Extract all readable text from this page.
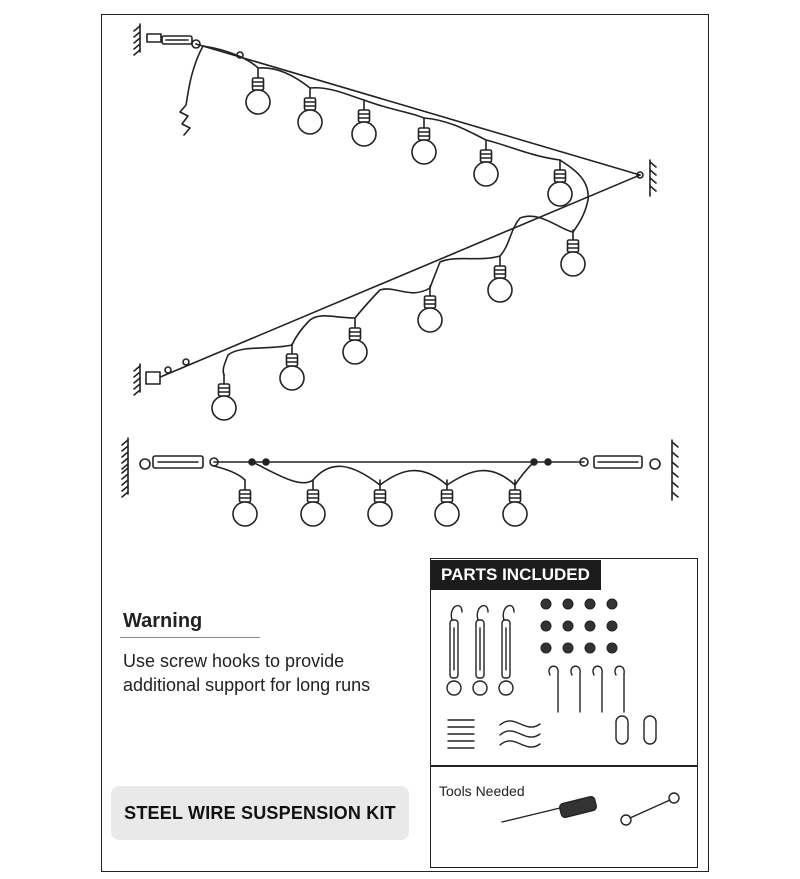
Warning
Use screw hooks to provide additional support for long runs
STEEL WIRE SUSPENSION KIT
PARTS INCLUDED
Tools Needed
